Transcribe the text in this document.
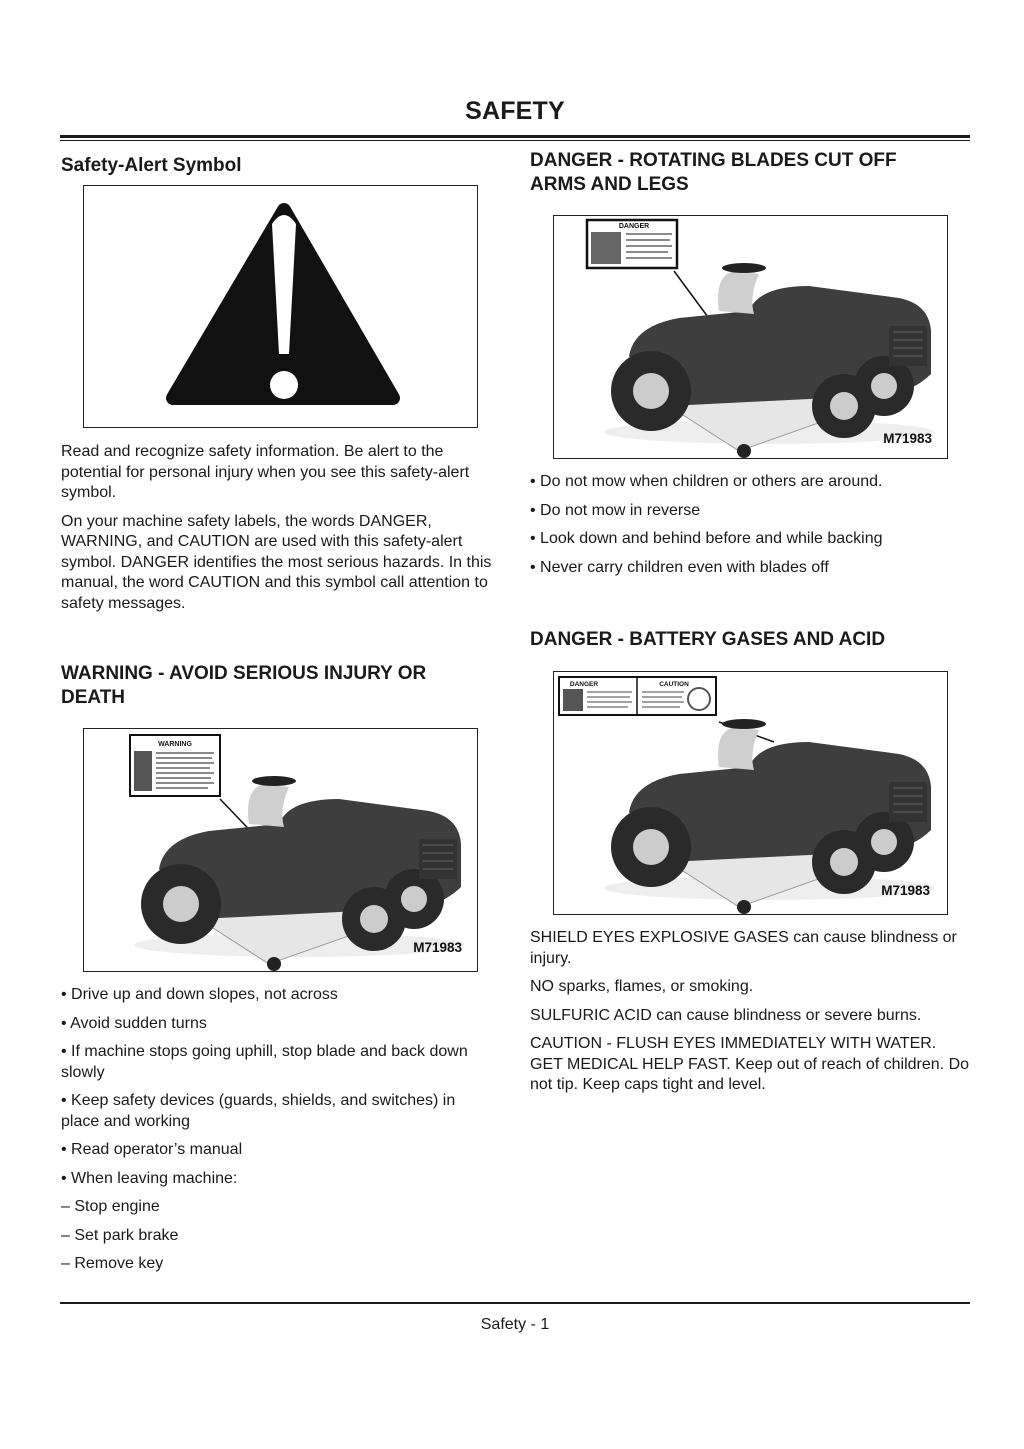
SAFETY
Safety-Alert Symbol

Read and recognize safety information. Be alert to the potential for personal injury when you see this safety-alert symbol.

On your machine safety labels, the words DANGER, WARNING, and CAUTION are used with this safety-alert symbol. DANGER identifies the most serious hazards. In this manual, the word CAUTION and this symbol call attention to safety messages.

WARNING - AVOID SERIOUS INJURY OR DEATH
WARNING
M71983

• Drive up and down slopes, not across

• Avoid sudden turns

• If machine stops going uphill, stop blade and back down slowly

• Keep safety devices (guards, shields, and switches) in place and working

• Read operator’s manual

• When leaving machine:

– Stop engine

– Set park brake

– Remove key

DANGER - ROTATING BLADES CUT OFF ARMS AND LEGS
DANGER
M71983

• Do not mow when children or others are around.

• Do not mow in reverse

• Look down and behind before and while backing

• Never carry children even with blades off

DANGER - BATTERY GASES AND ACID
DANGER	CAUTION
M71983

SHIELD EYES EXPLOSIVE GASES can cause blindness or injury.

NO sparks, flames, or smoking.

SULFURIC ACID can cause blindness or severe burns.

CAUTION - FLUSH EYES IMMEDIATELY WITH WATER. GET MEDICAL HELP FAST. Keep out of reach of children. Do not tip. Keep caps tight and level.

Safety - 1
